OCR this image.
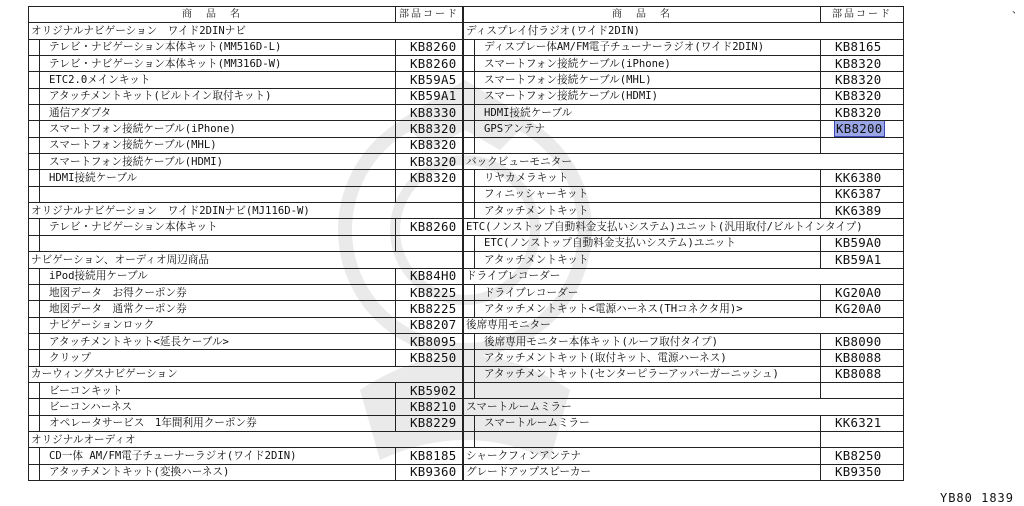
商　品　名	部品コード
オリジナルナビゲーション　ワイド2DINナビ	
テレビ・ナビゲーション本体キット(MM516D-L)	KB8260
テレビ・ナビゲーション本体キット(MM316D-W)	KB8260
ETC2.0メインキット	KB59A5
アタッチメントキット(ビルトイン取付キット)	KB59A1
通信アダプタ	KB8330
スマートフォン接続ケーブル(iPhone)	KB8320
スマートフォン接続ケーブル(MHL)	KB8320
スマートフォン接続ケーブル(HDMI)	KB8320
HDMI接続ケーブル	KB8320

オリジナルナビゲーション　ワイド2DINナビ(MJ116D-W)	
テレビ・ナビゲーション本体キット	KB8260

ナビゲーション、オーディオ周辺商品	
iPod接続用ケーブル	KB84H0
地図データ　お得クーポン券	KB8225
地図データ　通常クーポン券	KB8225
ナビゲーションロック	KB8207
アタッチメントキット<延長ケーブル>	KB8095
クリップ	KB8250
カーウィングスナビゲーション	
ビーコンキット	KB5902
ビーコンハーネス	KB8210
オペレータサービス　1年間利用クーポン券	KB8229
オリジナルオーディオ	
CD一体 AM/FM電子チューナーラジオ(ワイド2DIN)	KB8185
アタッチメントキット(変換ハーネス)	KB9360
商　品　名	部品コード
ディスプレイ付ラジオ(ワイド2DIN)	
ディスプレー体AM/FM電子チューナーラジオ(ワイド2DIN)	KB8165
スマートフォン接続ケーブル(iPhone)	KB8320
スマートフォン接続ケーブル(MHL)	KB8320
スマートフォン接続ケーブル(HDMI)	KB8320
HDMI接続ケーブル	KB8320
GPSアンテナ	KB8200

バックビューモニター	
リヤカメラキット	KK6380
フィニッシャーキット	KK6387
アタッチメントキット	KK6389
ETC(ノンストップ自動料金支払いシステム)ユニット(汎用取付/ビルトインタイプ)	
ETC(ノンストップ自動料金支払いシステム)ユニット	KB59A0
アタッチメントキット	KB59A1
ドライブレコーダー	
ドライブレコーダー	KG20A0
アタッチメントキット<電源ハーネス(THコネクタ用)>	KG20A0
後席専用モニター	
後席専用モニター本体キット(ルーフ取付タイプ)	KB8090
アタッチメントキット(取付キット、電源ハーネス)	KB8088
アタッチメントキット(センターピラーアッパーガーニッシュ)	KB8088

スマートルームミラー	
スマートルームミラー	KK6321

シャークフィンアンテナ	KB8250
グレードアップスピーカー	KB9350
、
YB80 1839
